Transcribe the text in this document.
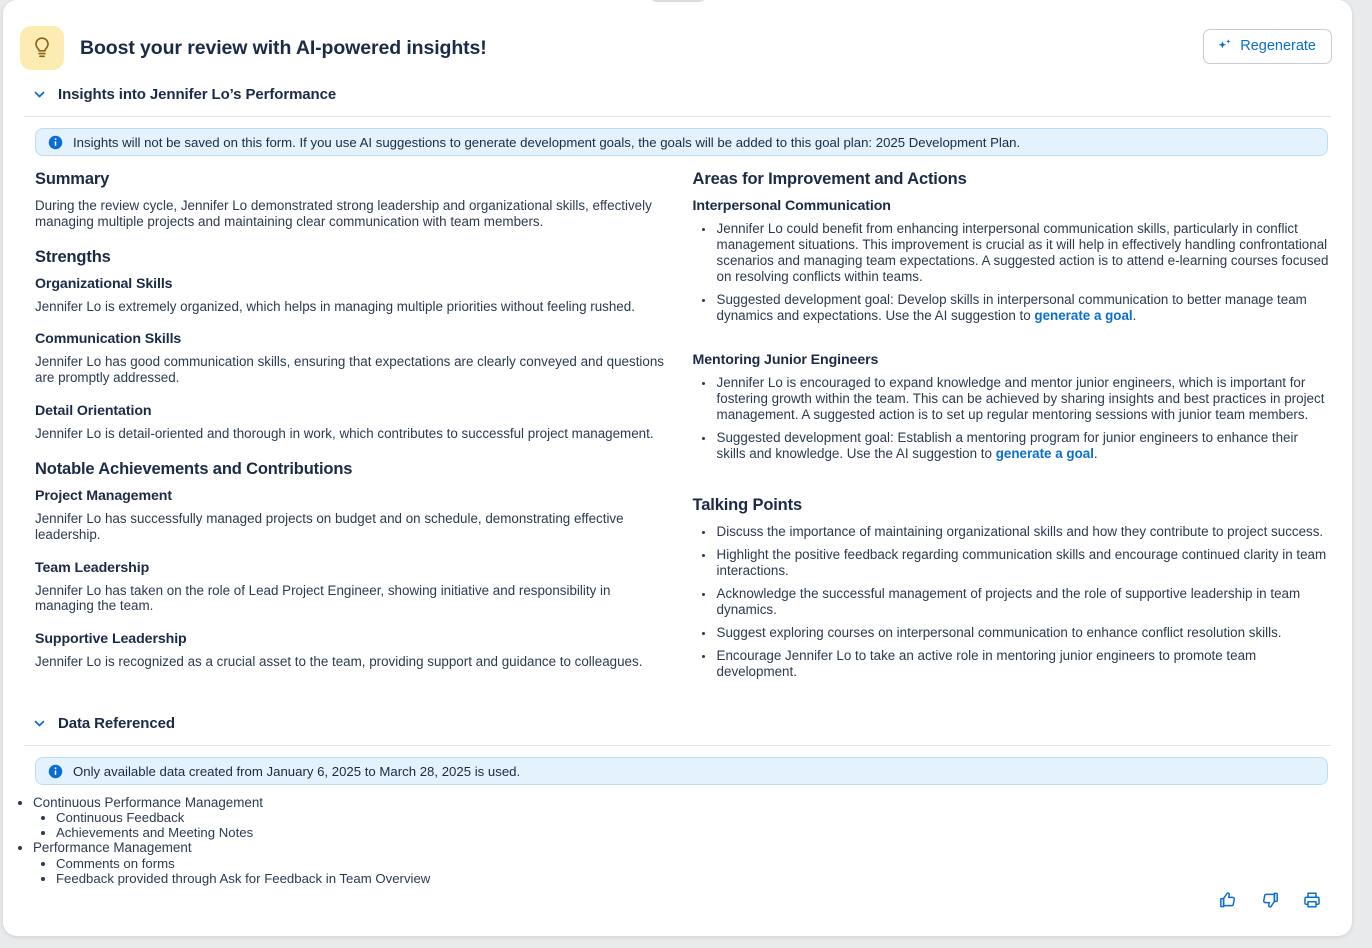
Boost your review with AI-powered insights!	Regenerate
Insights into Jennifer Lo’s Performance
Insights will not be saved on this form. If you use AI suggestions to generate development goals, the goals will be added to this goal plan: 2025 Development Plan.
Summary

During the review cycle, Jennifer Lo demonstrated strong leadership and organizational skills, effectively managing multiple projects and maintaining clear communication with team members.

Strengths
Organizational Skills

Jennifer Lo is extremely organized, which helps in managing multiple priorities without feeling rushed.

Communication Skills

Jennifer Lo has good communication skills, ensuring that expectations are clearly conveyed and questions are promptly addressed.

Detail Orientation

Jennifer Lo is detail-oriented and thorough in work, which contributes to successful project management.

Notable Achievements and Contributions
Project Management

Jennifer Lo has successfully managed projects on budget and on schedule, demonstrating effective leadership.

Team Leadership

Jennifer Lo has taken on the role of Lead Project Engineer, showing initiative and responsibility in managing the team.

Supportive Leadership

Jennifer Lo is recognized as a crucial asset to the team, providing support and guidance to colleagues.

Areas for Improvement and Actions
Interpersonal Communication
• Jennifer Lo could benefit from enhancing interpersonal communication skills, particularly in conflict management situations. This improvement is crucial as it will help in effectively handling confrontational scenarios and managing team expectations. A suggested action is to attend e-learning courses focused on resolving conflicts within teams.
• Suggested development goal: Develop skills in interpersonal communication to better manage team dynamics and expectations. Use the AI suggestion to generate a goal.
Mentoring Junior Engineers
• Jennifer Lo is encouraged to expand knowledge and mentor junior engineers, which is important for fostering growth within the team. This can be achieved by sharing insights and best practices in project management. A suggested action is to set up regular mentoring sessions with junior team members.
• Suggested development goal: Establish a mentoring program for junior engineers to enhance their skills and knowledge. Use the AI suggestion to generate a goal.
Talking Points
• Discuss the importance of maintaining organizational skills and how they contribute to project success.
• Highlight the positive feedback regarding communication skills and encourage continued clarity in team interactions.
• Acknowledge the successful management of projects and the role of supportive leadership in team dynamics.
• Suggest exploring courses on interpersonal communication to enhance conflict resolution skills.
• Encourage Jennifer Lo to take an active role in mentoring junior engineers to promote team development.
Data Referenced
Only available data created from January 6, 2025 to March 28, 2025 is used.
• Continuous Performance Management
• Continuous Feedback
• Achievements and Meeting Notes
• Performance Management
• Comments on forms
• Feedback provided through Ask for Feedback in Team Overview
